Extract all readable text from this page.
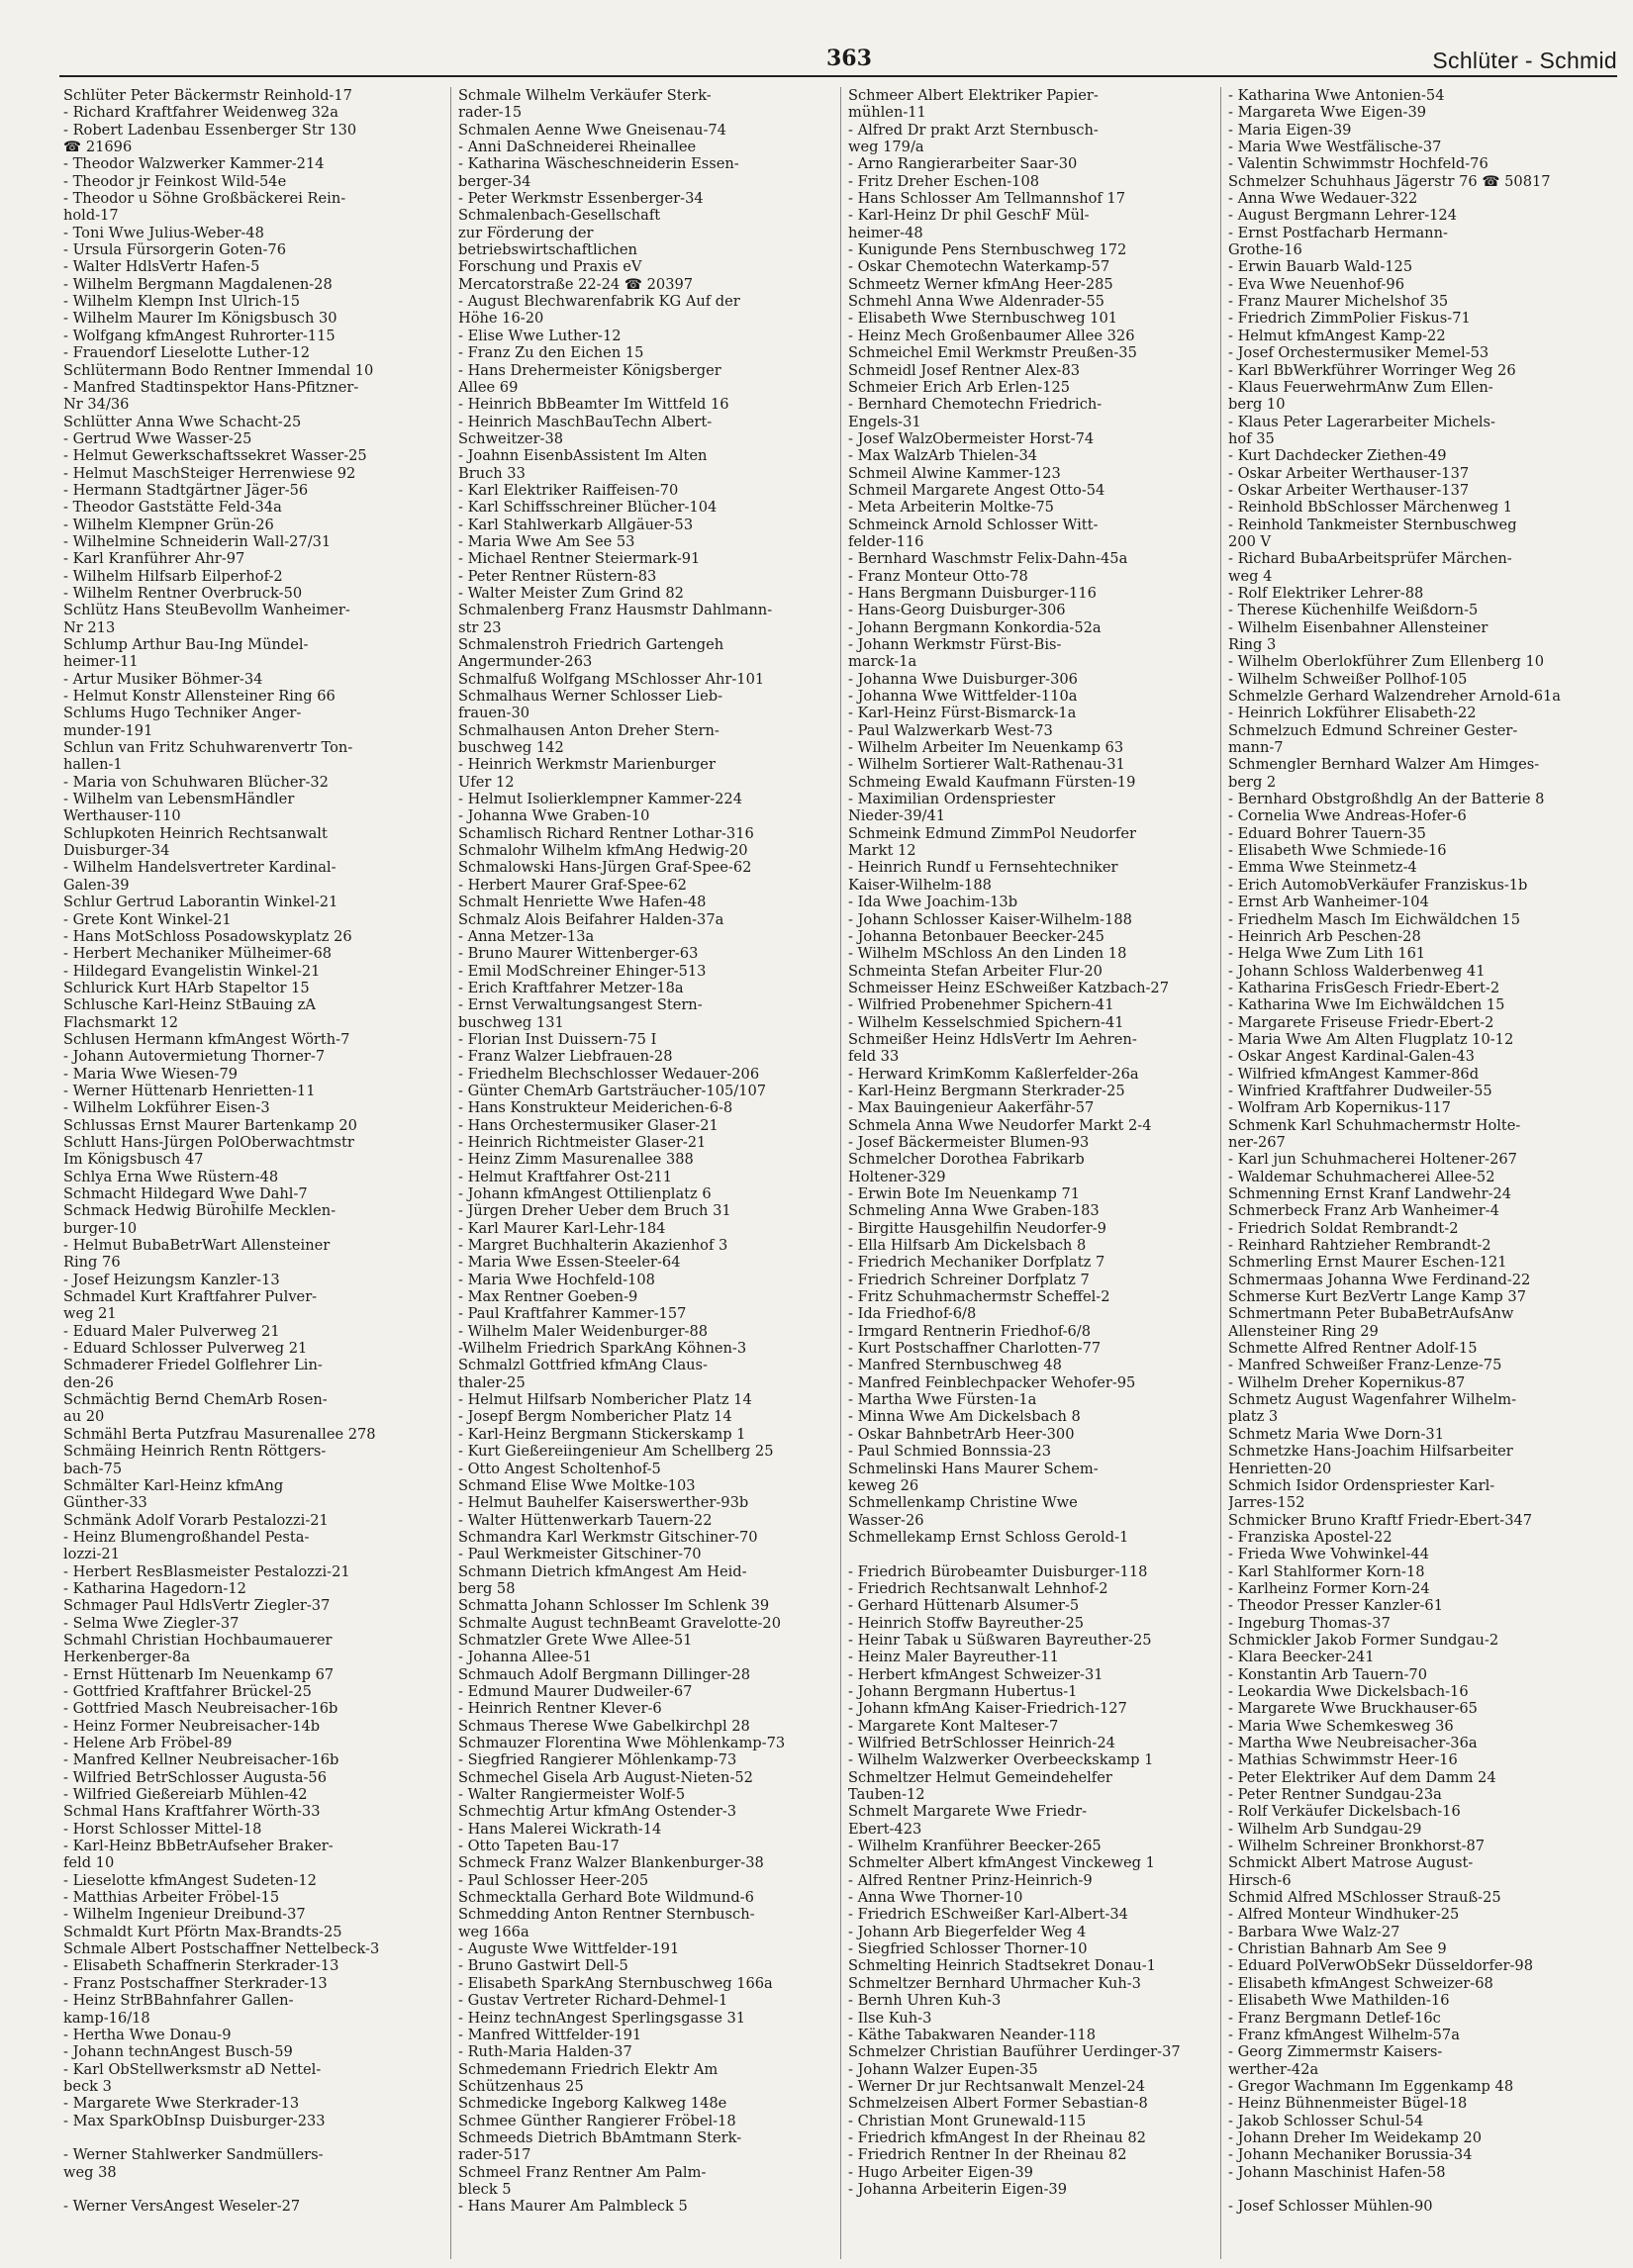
363	Schlüter - Schmid
Schlüter Peter Bäckermstr Reinhold-17
- Richard Kraftfahrer Weidenweg 32a
- Robert Ladenbau Essenberger Str 130
☎ 21696
- Theodor Walzwerker Kammer-214
- Theodor jr Feinkost Wild-54e
- Theodor u Söhne Großbäckerei Rein-
hold-17
- Toni Wwe Julius-Weber-48
- Ursula Fürsorgerin Goten-76
- Walter HdlsVertr Hafen-5
- Wilhelm Bergmann Magdalenen-28
- Wilhelm Klempn Inst Ulrich-15
- Wilhelm Maurer Im Königsbusch 30
- Wolfgang kfmAngest Ruhrorter-115
- Frauendorf Lieselotte Luther-12
Schlütermann Bodo Rentner Immendal 10
- Manfred Stadtinspektor Hans-Pfitzner-
Nr 34/36
Schlütter Anna Wwe Schacht-25
- Gertrud Wwe Wasser-25
- Helmut Gewerkschaftssekret Wasser-25
- Helmut MaschSteiger Herrenwiese 92
- Hermann Stadtgärtner Jäger-56
- Theodor Gaststätte Feld-34a
- Wilhelm Klempner Grün-26
- Wilhelmine Schneiderin Wall-27/31
- Karl Kranführer Ahr-97
- Wilhelm Hilfsarb Eilperhof-2
- Wilhelm Rentner Overbruck-50
Schlütz Hans SteuBevollm Wanheimer-
Nr 213
Schlump Arthur Bau-Ing Mündel-
heimer-11
- Artur Musiker Böhmer-34
- Helmut Konstr Allensteiner Ring 66
Schlums Hugo Techniker Anger-
munder-191
Schlun van Fritz Schuhwarenvertr Ton-
hallen-1
- Maria von Schuhwaren Blücher-32
- Wilhelm van LebensmHändler
Werthauser-110
Schlupkoten Heinrich Rechtsanwalt
Duisburger-34
- Wilhelm Handelsvertreter Kardinal-
Galen-39
Schlur Gertrud Laborantin Winkel-21
- Grete Kont Winkel-21
- Hans MotSchloss Posadowskyplatz 26
- Herbert Mechaniker Mülheimer-68
- Hildegard Evangelistin Winkel-21
Schlurick Kurt HArb Stapeltor 15
Schlusche Karl-Heinz StBauing zA
Flachsmarkt 12
Schlusen Hermann kfmAngest Wörth-7
- Johann Autovermietung Thorner-7
- Maria Wwe Wiesen-79
- Werner Hüttenarb Henrietten-11
- Wilhelm Lokführer Eisen-3
Schlussas Ernst Maurer Bartenkamp 20
Schlutt Hans-Jürgen PolOberwachtmstr
Im Königsbusch 47
Schlya Erna Wwe Rüstern-48
Schmacht Hildegard Wwe Dahl-7
Schmack Hedwig Büroh̃ilfe Mecklen-
burger-10
- Helmut BubaBetrWart Allensteiner
Ring 76
- Josef Heizungsm Kanzler-13
Schmadel Kurt Kraftfahrer Pulver-
weg 21
- Eduard Maler Pulverweg 21
- Eduard Schlosser Pulverweg 21
Schmaderer Friedel Golflehrer Lin-
den-26
Schmächtig Bernd ChemArb Rosen-
au 20
Schmähl Berta Putzfrau Masurenallee 278
Schmäing Heinrich Rentn Röttgers-
bach-75
Schmälter Karl-Heinz kfmAng
Günther-33
Schmänk Adolf Vorarb Pestalozzi-21
- Heinz Blumengroßhandel Pesta-
lozzi-21
- Herbert ResBlasmeister Pestalozzi-21
- Katharina Hagedorn-12
Schmager Paul HdlsVertr Ziegler-37
- Selma Wwe Ziegler-37
Schmahl Christian Hochbaumauerer
Herkenberger-8a
- Ernst Hüttenarb Im Neuenkamp 67
- Gottfried Kraftfahrer Brückel-25
- Gottfried Masch Neubreisacher-16b
- Heinz Former Neubreisacher-14b
- Helene Arb Fröbel-89
- Manfred Kellner Neubreisacher-16b
- Wilfried BetrSchlosser Augusta-56
- Wilfried Gießereiarb Mühlen-42
Schmal Hans Kraftfahrer Wörth-33
- Horst Schlosser Mittel-18
- Karl-Heinz BbBetrAufseher Braker-
feld 10
- Lieselotte kfmAngest Sudeten-12
- Matthias Arbeiter Fröbel-15
- Wilhelm Ingenieur Dreibund-37
Schmaldt Kurt Pförtn Max-Brandts-25
Schmale Albert Postschaffner Nettelbeck-3
- Elisabeth Schaffnerin Sterkrader-13
- Franz Postschaffner Sterkrader-13
- Heinz StrBBahnfahrer Gallen-
kamp-16/18
- Hertha Wwe Donau-9
- Johann technAngest Busch-59
- Karl ObStellwerksmstr aD Nettel-
beck 3
- Margarete Wwe Sterkrader-13
- Max SparkObInsp Duisburger-233
- Werner Stahlwerker Sandmüllers-
weg 38
- Werner VersAngest Weseler-27
Schmale Wilhelm Verkäufer Sterk-
rader-15
Schmalen Aenne Wwe Gneisenau-74
- Anni DaSchneiderei Rheinallee
- Katharina Wäscheschneiderin Essen-
berger-34
- Peter Werkmstr Essenberger-34
Schmalenbach-Gesellschaft
zur Förderung der
betriebswirtschaftlichen
Forschung und Praxis eV
Mercatorstraße 22-24 ☎ 20397
- August Blechwarenfabrik KG Auf der
Höhe 16-20
- Elise Wwe Luther-12
- Franz Zu den Eichen 15
- Hans Drehermeister Königsberger
Allee 69
- Heinrich BbBeamter Im Wittfeld 16
- Heinrich MaschBauTechn Albert-
Schweitzer-38
- Joahnn EisenbAssistent Im Alten
Bruch 33
- Karl Elektriker Raiffeisen-70
- Karl Schiffsschreiner Blücher-104
- Karl Stahlwerkarb Allgäuer-53
- Maria Wwe Am See 53
- Michael Rentner Steiermark-91
- Peter Rentner Rüstern-83
- Walter Meister Zum Grind 82
Schmalenberg Franz Hausmstr Dahlmann-
str 23
Schmalenstroh Friedrich Gartengeh
Angermunder-263
Schmalfuß Wolfgang MSchlosser Ahr-101
Schmalhaus Werner Schlosser Lieb-
frauen-30
Schmalhausen Anton Dreher Stern-
buschweg 142
- Heinrich Werkmstr Marienburger
Ufer 12
- Helmut Isolierklempner Kammer-224
- Johanna Wwe Graben-10
Schamlisch Richard Rentner Lothar-316
Schmalohr Wilhelm kfmAng Hedwig-20
Schmalowski Hans-Jürgen Graf-Spee-62
- Herbert Maurer Graf-Spee-62
Schmalt Henriette Wwe Hafen-48
Schmalz Alois Beifahrer Halden-37a
- Anna Metzer-13a
- Bruno Maurer Wittenberger-63
- Emil ModSchreiner Ehinger-513
- Erich Kraftfahrer Metzer-18a
- Ernst Verwaltungsangest Stern-
buschweg 131
- Florian Inst Duissern-75 I
- Franz Walzer Liebfrauen-28
- Friedhelm Blechschlosser Wedauer-206
- Günter ChemArb Gartsträucher-105/107
- Hans Konstrukteur Meiderichen-6-8
- Hans Orchestermusiker Glaser-21
- Heinrich Richtmeister Glaser-21
- Heinz Zimm Masurenallee 388
- Helmut Kraftfahrer Ost-211
- Johann kfmAngest Ottilienplatz 6
- Jürgen Dreher Ueber dem Bruch 31
- Karl Maurer Karl-Lehr-184
- Margret Buchhalterin Akazienhof 3
- Maria Wwe Essen-Steeler-64
- Maria Wwe Hochfeld-108
- Max Rentner Goeben-9
- Paul Kraftfahrer Kammer-157
- Wilhelm Maler Weidenburger-88
-Wilhelm Friedrich SparkAng Köhnen-3
Schmalzl Gottfried kfmAng Claus-
thaler-25
- Helmut Hilfsarb Nombericher Platz 14
- Josepf Bergm Nombericher Platz 14
- Karl-Heinz Bergmann Stickerskamp 1
- Kurt Gießereiingenieur Am Schellberg 25
- Otto Angest Scholtenhof-5
Schmand Elise Wwe Moltke-103
- Helmut Bauhelfer Kaiserswerther-93b
- Walter Hüttenwerkarb Tauern-22
Schmandra Karl Werkmstr Gitschiner-70
- Paul Werkmeister Gitschiner-70
Schmann Dietrich kfmAngest Am Heid-
berg 58
Schmatta Johann Schlosser Im Schlenk 39
Schmalte August technBeamt Gravelotte-20
Schmatzler Grete Wwe Allee-51
- Johanna Allee-51
Schmauch Adolf Bergmann Dillinger-28
- Edmund Maurer Dudweiler-67
- Heinrich Rentner Klever-6
Schmaus Therese Wwe Gabelkirchpl 28
Schmauzer Florentina Wwe Möhlenkamp-73
- Siegfried Rangierer Möhlenkamp-73
Schmechel Gisela Arb August-Nieten-52
- Walter Rangiermeister Wolf-5
Schmechtig Artur kfmAng Ostender-3
- Hans Malerei Wickrath-14
- Otto Tapeten Bau-17
Schmeck Franz Walzer Blankenburger-38
- Paul Schlosser Heer-205
Schmecktalla Gerhard Bote Wildmund-6
Schmedding Anton Rentner Sternbusch-
weg 166a
- Auguste Wwe Wittfelder-191
- Bruno Gastwirt Dell-5
- Elisabeth SparkAng Sternbuschweg 166a
- Gustav Vertreter Richard-Dehmel-1
- Heinz technAngest Sperlingsgasse 31
- Manfred Wittfelder-191
- Ruth-Maria Halden-37
Schmedemann Friedrich Elektr Am
Schützenhaus 25
Schmedicke Ingeborg Kalkweg 148e
Schmee Günther Rangierer Fröbel-18
Schmeeds Dietrich BbAmtmann Sterk-
rader-517
Schmeel Franz Rentner Am Palm-
bleck 5
- Hans Maurer Am Palmbleck 5
Schmeer Albert Elektriker Papier-
mühlen-11
- Alfred Dr prakt Arzt Sternbusch-
weg 179/a
- Arno Rangierarbeiter Saar-30
- Fritz Dreher Eschen-108
- Hans Schlosser Am Tellmannshof 17
- Karl-Heinz Dr phil GeschF Mül-
heimer-48
- Kunigunde Pens Sternbuschweg 172
- Oskar Chemotechn Waterkamp-57
Schmeetz Werner kfmAng Heer-285
Schmehl Anna Wwe Aldenrader-55
- Elisabeth Wwe Sternbuschweg 101
- Heinz Mech Großenbaumer Allee 326
Schmeichel Emil Werkmstr Preußen-35
Schmeidl Josef Rentner Alex-83
Schmeier Erich Arb Erlen-125
- Bernhard Chemotechn Friedrich-
Engels-31
- Josef WalzObermeister Horst-74
- Max WalzArb Thielen-34
Schmeil Alwine Kammer-123
Schmeil Margarete Angest Otto-54
- Meta Arbeiterin Moltke-75
Schmeinck Arnold Schlosser Witt-
felder-116
- Bernhard Waschmstr Felix-Dahn-45a
- Franz Monteur Otto-78
- Hans Bergmann Duisburger-116
- Hans-Georg Duisburger-306
- Johann Bergmann Konkordia-52a
- Johann Werkmstr Fürst-Bis-
marck-1a
- Johanna Wwe Duisburger-306
- Johanna Wwe Wittfelder-110a
- Karl-Heinz Fürst-Bismarck-1a
- Paul Walzwerkarb West-73
- Wilhelm Arbeiter Im Neuenkamp 63
- Wilhelm Sortierer Walt-Rathenau-31
Schmeing Ewald Kaufmann Fürsten-19
- Maximilian Ordenspriester
Nieder-39/41
Schmeink Edmund ZimmPol Neudorfer
Markt 12
- Heinrich Rundf u Fernsehtechniker
Kaiser-Wilhelm-188
- Ida Wwe Joachim-13b
- Johann Schlosser Kaiser-Wilhelm-188
- Johanna Betonbauer Beecker-245
- Wilhelm MSchloss An den Linden 18
Schmeinta Stefan Arbeiter Flur-20
Schmeisser Heinz ESchweißer Katzbach-27
- Wilfried Probenehmer Spichern-41
- Wilhelm Kesselschmied Spichern-41
Schmeißer Heinz HdlsVertr Im Aehren-
feld 33
- Herward KrimKomm Kaßlerfelder-26a
- Karl-Heinz Bergmann Sterkrader-25
- Max Bauingenieur Aakerfähr-57
Schmela Anna Wwe Neudorfer Markt 2-4
- Josef Bäckermeister Blumen-93
Schmelcher Dorothea Fabrikarb
Holtener-329
- Erwin Bote Im Neuenkamp 71
Schmeling Anna Wwe Graben-183
- Birgitte Hausgehilfin Neudorfer-9
- Ella Hilfsarb Am Dickelsbach 8
- Friedrich Mechaniker Dorfplatz 7
- Friedrich Schreiner Dorfplatz 7
- Fritz Schuhmachermstr Scheffel-2
- Ida Friedhof-6/8
- Irmgard Rentnerin Friedhof-6/8
- Kurt Postschaffner Charlotten-77
- Manfred Sternbuschweg 48
- Manfred Feinblechpacker Wehofer-95
- Martha Wwe Fürsten-1a
- Minna Wwe Am Dickelsbach 8
- Oskar BahnbetrArb Heer-300
- Paul Schmied Bonnssia-23
Schmelinski Hans Maurer Schem-
keweg 26
Schmellenkamp Christine Wwe
Wasser-26
Schmellekamp Ernst Schloss Gerold-1
- Friedrich Bürobeamter Duisburger-118
- Friedrich Rechtsanwalt Lehnhof-2
- Gerhard Hüttenarb Alsumer-5
- Heinrich Stoffw Bayreuther-25
- Heinr Tabak u Süßwaren Bayreuther-25
- Heinz Maler Bayreuther-11
- Herbert kfmAngest Schweizer-31
- Johann Bergmann Hubertus-1
- Johann kfmAng Kaiser-Friedrich-127
- Margarete Kont Malteser-7
- Wilfried BetrSchlosser Heinrich-24
- Wilhelm Walzwerker Overbeeckskamp 1
Schmeltzer Helmut Gemeindehelfer
Tauben-12
Schmelt Margarete Wwe Friedr-
Ebert-423
- Wilhelm Kranführer Beecker-265
Schmelter Albert kfmAngest Vinckeweg 1
- Alfred Rentner Prinz-Heinrich-9
- Anna Wwe Thorner-10
- Friedrich ESchweißer Karl-Albert-34
- Johann Arb Biegerfelder Weg 4
- Siegfried Schlosser Thorner-10
Schmelting Heinrich Stadtsekret Donau-1
Schmeltzer Bernhard Uhrmacher Kuh-3
- Bernh Uhren Kuh-3
- Ilse Kuh-3
- Käthe Tabakwaren Neander-118
Schmelzer Christian Bauführer Uerdinger-37
- Johann Walzer Eupen-35
- Werner Dr jur Rechtsanwalt Menzel-24
Schmelzeisen Albert Former Sebastian-8
- Christian Mont Grunewald-115
- Friedrich kfmAngest In der Rheinau 82
- Friedrich Rentner In der Rheinau 82
- Hugo Arbeiter Eigen-39
- Johanna Arbeiterin Eigen-39
- Katharina Wwe Antonien-54
- Margareta Wwe Eigen-39
- Maria Eigen-39
- Maria Wwe Westfälische-37
- Valentin Schwimmstr Hochfeld-76
Schmelzer Schuhhaus Jägerstr 76 ☎ 50817
- Anna Wwe Wedauer-322
- August Bergmann Lehrer-124
- Ernst Postfacharb Hermann-
Grothe-16
- Erwin Bauarb Wald-125
- Eva Wwe Neuenhof-96
- Franz Maurer Michelshof 35
- Friedrich ZimmPolier Fiskus-71
- Helmut kfmAngest Kamp-22
- Josef Orchestermusiker Memel-53
- Karl BbWerkführer Worringer Weg 26
- Klaus FeuerwehrmAnw Zum Ellen-
berg 10
- Klaus Peter Lagerarbeiter Michels-
hof 35
- Kurt Dachdecker Ziethen-49
- Oskar Arbeiter Werthauser-137
- Oskar Arbeiter Werthauser-137
- Reinhold BbSchlosser Märchenweg 1
- Reinhold Tankmeister Sternbuschweg
200 V
- Richard BubaArbeitsprüfer Märchen-
weg 4
- Rolf Elektriker Lehrer-88
- Therese Küchenhilfe Weißdorn-5
- Wilhelm Eisenbahner Allensteiner
Ring 3
- Wilhelm Oberlokführer Zum Ellenberg 10
- Wilhelm Schweißer Pollhof-105
Schmelzle Gerhard Walzendreher Arnold-61a
- Heinrich Lokführer Elisabeth-22
Schmelzuch Edmund Schreiner Gester-
mann-7
Schmengler Bernhard Walzer Am Himges-
berg 2
- Bernhard Obstgroßhdlg An der Batterie 8
- Cornelia Wwe Andreas-Hofer-6
- Eduard Bohrer Tauern-35
- Elisabeth Wwe Schmiede-16
- Emma Wwe Steinmetz-4
- Erich AutomobVerkäufer Franziskus-1b
- Ernst Arb Wanheimer-104
- Friedhelm Masch Im Eichwäldchen 15
- Heinrich Arb Peschen-28
- Helga Wwe Zum Lith 161
- Johann Schloss Walderbenweg 41
- Katharina FrisGesch Friedr-Ebert-2
- Katharina Wwe Im Eichwäldchen 15
- Margarete Friseuse Friedr-Ebert-2
- Maria Wwe Am Alten Flugplatz 10-12
- Oskar Angest Kardinal-Galen-43
- Wilfried kfmAngest Kammer-86d
- Winfried Kraftfahrer Dudweiler-55
- Wolfram Arb Kopernikus-117
Schmenk Karl Schuhmachermstr Holte-
ner-267
- Karl jun Schuhmacherei Holtener-267
- Waldemar Schuhmacherei Allee-52
Schmenning Ernst Kranf Landwehr-24
Schmerbeck Franz Arb Wanheimer-4
- Friedrich Soldat Rembrandt-2
- Reinhard Rahtzieher Rembrandt-2
Schmerling Ernst Maurer Eschen-121
Schmermaas Johanna Wwe Ferdinand-22
Schmerse Kurt BezVertr Lange Kamp 37
Schmertmann Peter BubaBetrAufsAnw
Allensteiner Ring 29
Schmette Alfred Rentner Adolf-15
- Manfred Schweißer Franz-Lenze-75
- Wilhelm Dreher Kopernikus-87
Schmetz August Wagenfahrer Wilhelm-
platz 3
Schmetz Maria Wwe Dorn-31
Schmetzke Hans-Joachim Hilfsarbeiter
Henrietten-20
Schmich Isidor Ordenspriester Karl-
Jarres-152
Schmicker Bruno Kraftf Friedr-Ebert-347
- Franziska Apostel-22
- Frieda Wwe Vohwinkel-44
- Karl Stahlformer Korn-18
- Karlheinz Former Korn-24
- Theodor Presser Kanzler-61
- Ingeburg Thomas-37
Schmickler Jakob Former Sundgau-2
- Klara Beecker-241
- Konstantin Arb Tauern-70
- Leokardia Wwe Dickelsbach-16
- Margarete Wwe Bruckhauser-65
- Maria Wwe Schemkesweg 36
- Martha Wwe Neubreisacher-36a
- Mathias Schwimmstr Heer-16
- Peter Elektriker Auf dem Damm 24
- Peter Rentner Sundgau-23a
- Rolf Verkäufer Dickelsbach-16
- Wilhelm Arb Sundgau-29
- Wilhelm Schreiner Bronkhorst-87
Schmickt Albert Matrose August-
Hirsch-6
Schmid Alfred MSchlosser Strauß-25
- Alfred Monteur Windhuker-25
- Barbara Wwe Walz-27
- Christian Bahnarb Am See 9
- Eduard PolVerwObSekr Düsseldorfer-98
- Elisabeth kfmAngest Schweizer-68
- Elisabeth Wwe Mathilden-16
- Franz Bergmann Detlef-16c
- Franz kfmAngest Wilhelm-57a
- Georg Zimmermstr Kaisers-
werther-42a
- Gregor Wachmann Im Eggenkamp 48
- Heinz Bühnenmeister Bügel-18
- Jakob Schlosser Schul-54
- Johann Dreher Im Weidekamp 20
- Johann Mechaniker Borussia-34
- Johann Maschinist Hafen-58
- Josef Schlosser Mühlen-90
